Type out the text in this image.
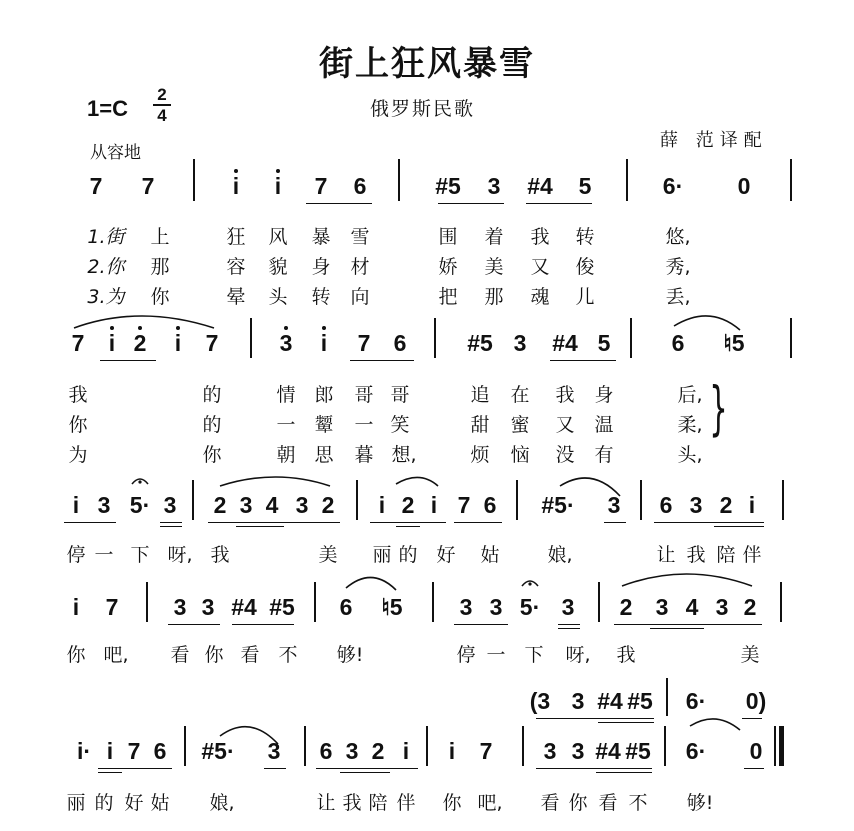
街上狂风暴雪
俄罗斯民歌
1=C
2
4
从容地
薛 范译配
7 7	i i 7 6	#5 3 #4 5	6· 0
1.街 上	狂 风 暴 雪	围 着 我 转	悠,
2.你 那	容 貌 身 材	娇 美 又 俊	秀,
3.为 你	晕 头 转 向	把 那 魂 儿	丢,
7 i 2 i 7	3 i 7 6	#5 3 #4 5	6 ♮5
我	的	情 郎 哥 哥	追 在 我 身	后,
你	的	一 颦 一 笑	甜 蜜 又 温	柔,
为	你	朝 思 暮 想,	烦 恼 没 有	头,
}
i 3 5· 3 2 3 4 3 2 i 2 i 7 6 #5· 3 6 3 2 i
停 一 下 呀, 我	美 丽 的 好 姑	娘,	让 我 陪 伴
i 7 3 3 #4 #5 6 ♮5 3 3 5· 3 2 3 4 3 2
你 吧, 看 你 看 不 够!	停 一 下 呀, 我	美
(3 3 #4 #5 6· 0)
i· i 7 6 #5· 3 6 3 2 i i 7 3 3 #4 #5 6· 0
丽 的 好 姑 娘,	让 我 陪 伴 你 吧, 看 你 看 不 够!
